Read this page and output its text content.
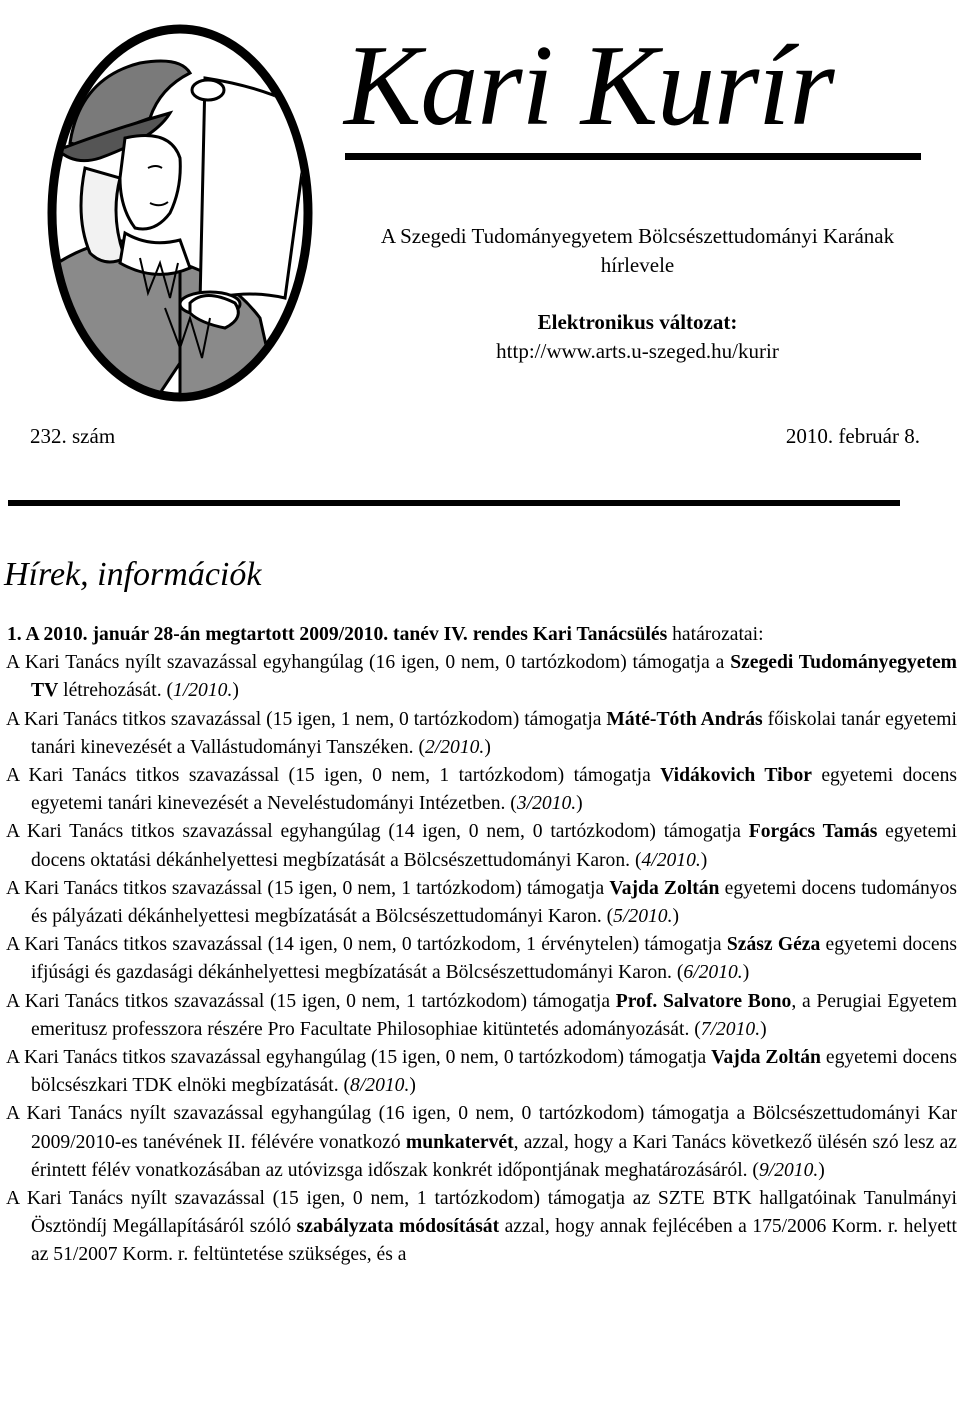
Kari Kurír
A Szegedi Tudományegyetem Bölcsészettudományi Karának hírlevele
Elektronikus változat:
http://www.arts.u-szeged.hu/kurir
232. szám	2010. február 8.
Hírek, információk

1. A 2010. január 28-án megtartott 2009/2010. tanév IV. rendes Kari Tanácsülés határozatai:

A Kari Tanács nyílt szavazással egyhangúlag (16 igen, 0 nem, 0 tartózkodom) támogatja a Szegedi Tudományegyetem TV létrehozását. (1/2010.)

A Kari Tanács titkos szavazással (15 igen, 1 nem, 0 tartózkodom) támogatja Máté-Tóth András főiskolai tanár egyetemi tanári kinevezését a Vallástudományi Tanszéken. (2/2010.)

A Kari Tanács titkos szavazással (15 igen, 0 nem, 1 tartózkodom) támogatja Vidákovich Tibor egyetemi docens egyetemi tanári kinevezését a Neveléstudományi Intézetben. (3/2010.)

A Kari Tanács titkos szavazással egyhangúlag (14 igen, 0 nem, 0 tartózkodom) támogatja Forgács Tamás egyetemi docens oktatási dékánhelyettesi megbízatását a Bölcsészettudományi Karon. (4/2010.)

A Kari Tanács titkos szavazással (15 igen, 0 nem, 1 tartózkodom) támogatja Vajda Zoltán egyetemi docens tudományos és pályázati dékánhelyettesi megbízatását a Bölcsészettudományi Karon. (5/2010.)

A Kari Tanács titkos szavazással (14 igen, 0 nem, 0 tartózkodom, 1 érvénytelen) támogatja Szász Géza egyetemi docens ifjúsági és gazdasági dékánhelyettesi megbízatását a Bölcsészettudományi Karon. (6/2010.)

A Kari Tanács titkos szavazással (15 igen, 0 nem, 1 tartózkodom) támogatja Prof. Salvatore Bono, a Perugiai Egyetem emeritusz professzora részére Pro Facultate Philosophiae kitüntetés adományozását. (7/2010.)

A Kari Tanács titkos szavazással egyhangúlag (15 igen, 0 nem, 0 tartózkodom) támogatja Vajda Zoltán egyetemi docens bölcsészkari TDK elnöki megbízatását. (8/2010.)

A Kari Tanács nyílt szavazással egyhangúlag (16 igen, 0 nem, 0 tartózkodom) támogatja a Bölcsészettudományi Kar 2009/2010-es tanévének II. félévére vonatkozó munkatervét, azzal, hogy a Kari Tanács következő ülésén szó lesz az érintett félév vonatkozásában az utóvizsga időszak konkrét időpontjának meghatározásáról. (9/2010.)

A Kari Tanács nyílt szavazással (15 igen, 0 nem, 1 tartózkodom) támogatja az SZTE BTK hallgatóinak Tanulmányi Ösztöndíj Megállapításáról szóló szabályzata módosítását azzal, hogy annak fejlécében a 175/2006 Korm. r. helyett az 51/2007 Korm. r. feltüntetése szükséges, és a
